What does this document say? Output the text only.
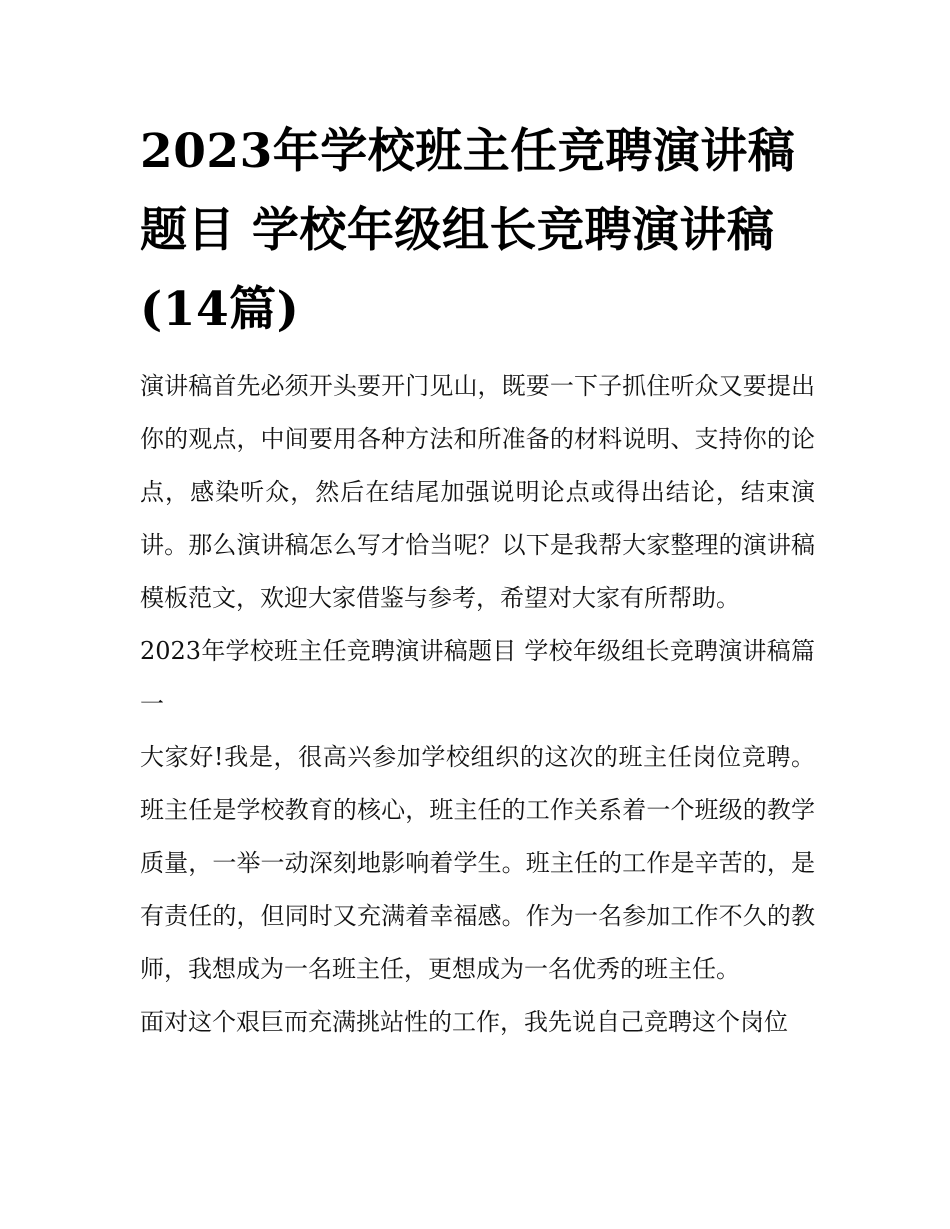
2023年学校班主任竞聘演讲稿题目 学校年级组长竞聘演讲稿(14篇)

演讲稿首先必须开头要开门见山，既要一下子抓住听众又要提出你的观点，中间要用各种方法和所准备的材料说明、支持你的论点，感染听众，然后在结尾加强说明论点或得出结论，结束演讲。那么演讲稿怎么写才恰当呢？以下是我帮大家整理的演讲稿模板范文，欢迎大家借鉴与参考，希望对大家有所帮助。

2023年学校班主任竞聘演讲稿题目 学校年级组长竞聘演讲稿篇一

大家好!我是，很高兴参加学校组织的这次的班主任岗位竞聘。班主任是学校教育的核心，班主任的工作关系着一个班级的教学质量，一举一动深刻地影响着学生。班主任的工作是辛苦的，是有责任的，但同时又充满着幸福感。作为一名参加工作不久的教师，我想成为一名班主任，更想成为一名优秀的班主任。

面对这个艰巨而充满挑站性的工作，我先说自己竞聘这个岗位
